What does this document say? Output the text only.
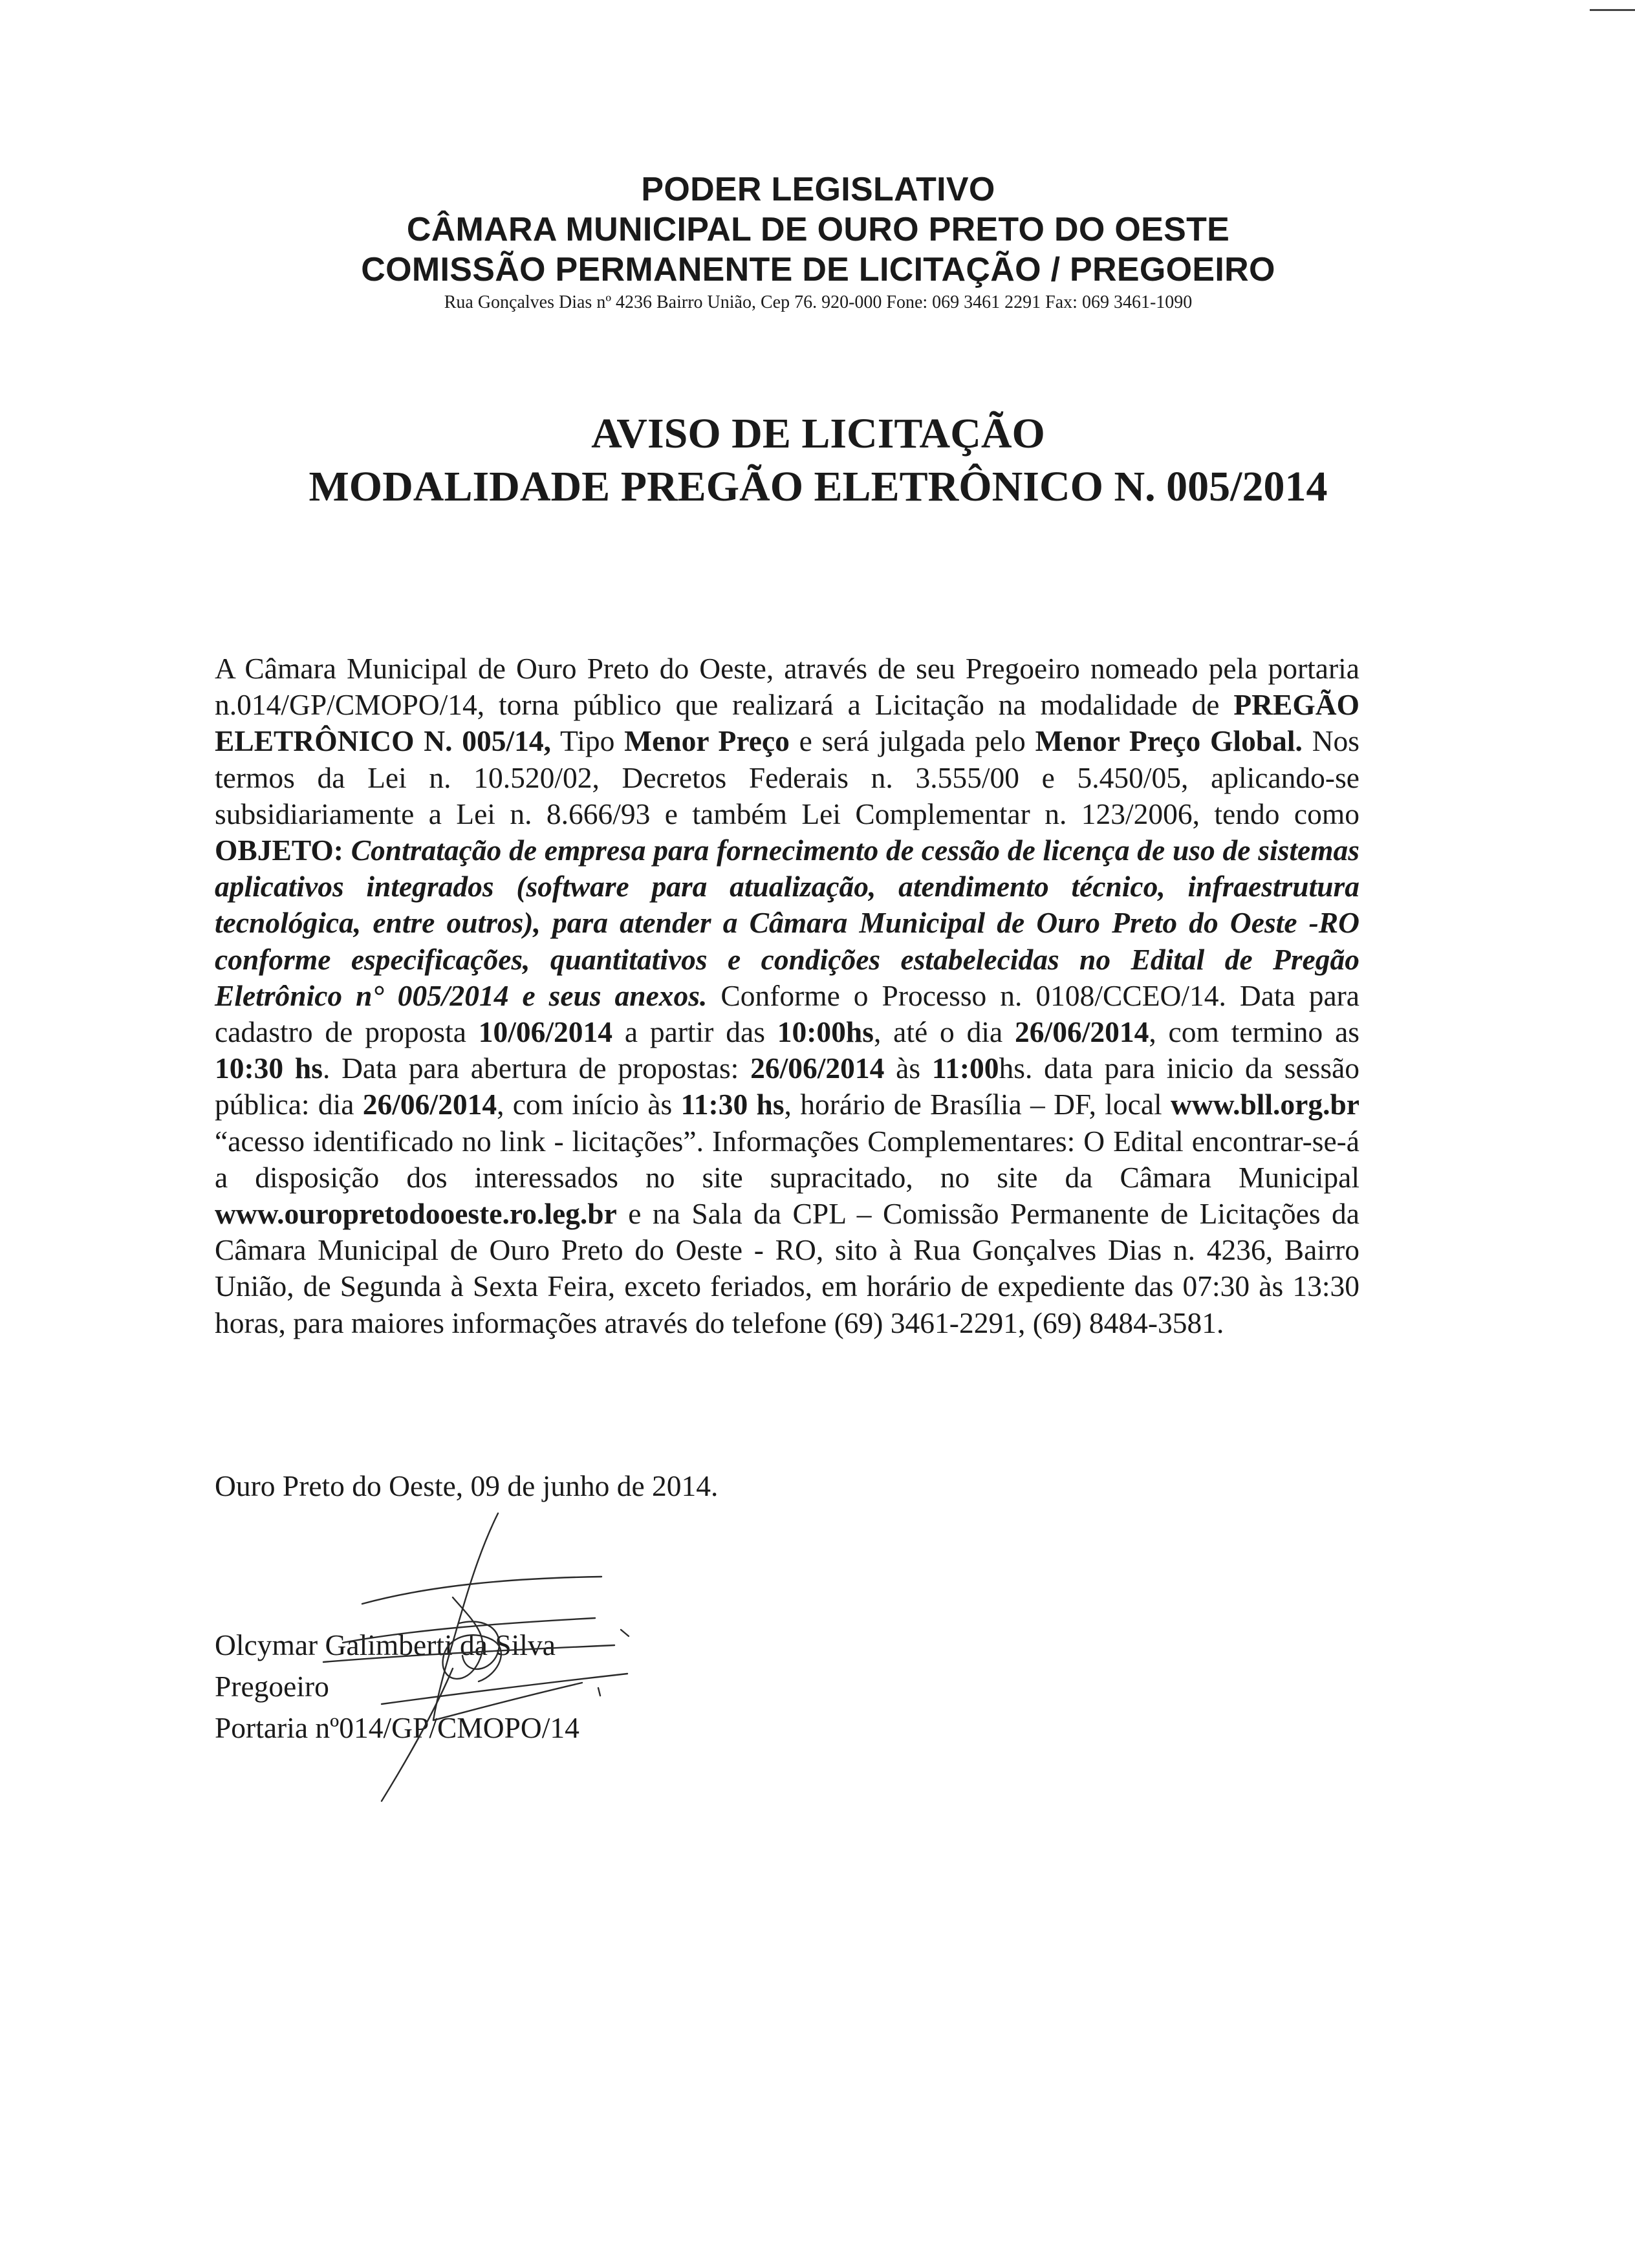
PODER LEGISLATIVO
CÂMARA MUNICIPAL DE OURO PRETO DO OESTE
COMISSÃO PERMANENTE DE LICITAÇÃO / PREGOEIRO
Rua Gonçalves Dias nº 4236 Bairro União, Cep 76. 920-000 Fone: 069 3461 2291 Fax: 069 3461-1090
AVISO DE LICITAÇÃO
MODALIDADE PREGÃO ELETRÔNICO N. 005/2014

A Câmara Municipal de Ouro Preto do Oeste, através de seu Pregoeiro nomeado pela portaria n.014/GP/CMOPO/14, torna público que realizará a Licitação na modalidade de PREGÃO ELETRÔNICO N. 005/14, Tipo Menor Preço e será julgada pelo Menor Preço Global. Nos termos da Lei n. 10.520/02, Decretos Federais n. 3.555/00 e 5.450/05, aplicando-se subsidiariamente a Lei n. 8.666/93 e também Lei Complementar n. 123/2006, tendo como OBJETO: Contratação de empresa para fornecimento de cessão de licença de uso de sistemas aplicativos integrados (software para atualização, atendimento técnico, infraestrutura tecnológica, entre outros), para atender a Câmara Municipal de Ouro Preto do Oeste -RO conforme especificações, quantitativos e condições estabelecidas no Edital de Pregão Eletrônico n° 005/2014 e seus anexos. Conforme o Processo n. 0108/CCEO/14. Data para cadastro de proposta 10/06/2014 a partir das 10:00hs, até o dia 26/06/2014, com termino as 10:30 hs. Data para abertura de propostas: 26/06/2014 às 11:00hs. data para inicio da sessão pública: dia 26/06/2014, com início às 11:30 hs, horário de Brasília – DF, local www.bll.org.br “acesso identificado no link - licitações”. Informações Complementares: O Edital encontrar-se-á a disposição dos interessados no site supracitado, no site da Câmara Municipal www.ouropretodooeste.ro.leg.br e na Sala da CPL – Comissão Permanente de Licitações da Câmara Municipal de Ouro Preto do Oeste - RO, sito à Rua Gonçalves Dias n. 4236, Bairro União, de Segunda à Sexta Feira, exceto feriados, em horário de expediente das 07:30 às 13:30 horas, para maiores informações através do telefone (69) 3461-2291, (69) 8484-3581.

Ouro Preto do Oeste, 09 de junho de 2014.
Olcymar Galimberti da Silva
Pregoeiro
Portaria nº014/GP/CMOPO/14
